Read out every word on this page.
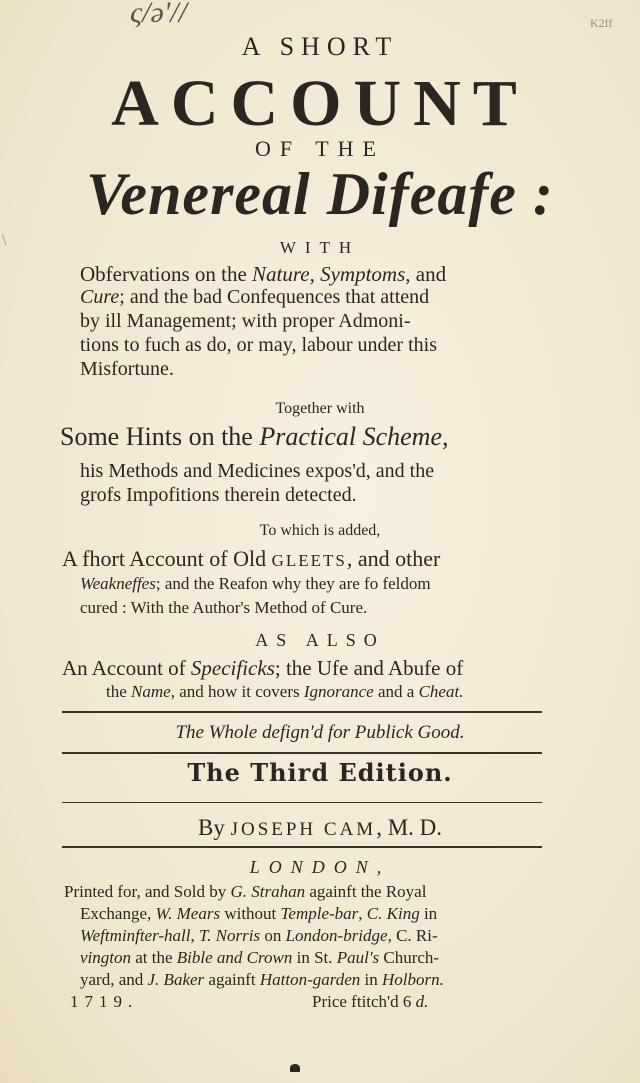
ς/ə'//	K2ff
\
A SHORT
ACCOUNT
OF THE
Venereal Difeafe :
WITH
Obfervations on the Nature, Symptoms, and
Cure; and the bad Confequences that attend
by ill Management; with proper Admoni-
tions to fuch as do, or may, labour under this
Misfortune.
Together with
Some Hints on the Practical Scheme,
his Methods and Medicines expos'd, and the
grofs Impofitions therein detected.
To which is added,
A fhort Account of Old GLEETS, and other
Weakneffes; and the Reafon why they are fo feldom
cured : With the Author's Method of Cure.
AS ALSO
An Account of Specificks; the Ufe and Abufe of
the Name, and how it covers Ignorance and a Cheat.
The Whole defign'd for Publick Good.
The Third Edition.
By JOSEPH CAM, M. D.
LONDON,
Printed for, and Sold by G. Strahan againft the Royal
Exchange, W. Mears without Temple-bar, C. King in
Weftminfter-hall, T. Norris on London-bridge, C. Ri-
vington at the Bible and Crown in St. Paul's Church-
yard, and J. Baker againft Hatton-garden in Holborn.
1719.	Price ftitch'd 6 d.
